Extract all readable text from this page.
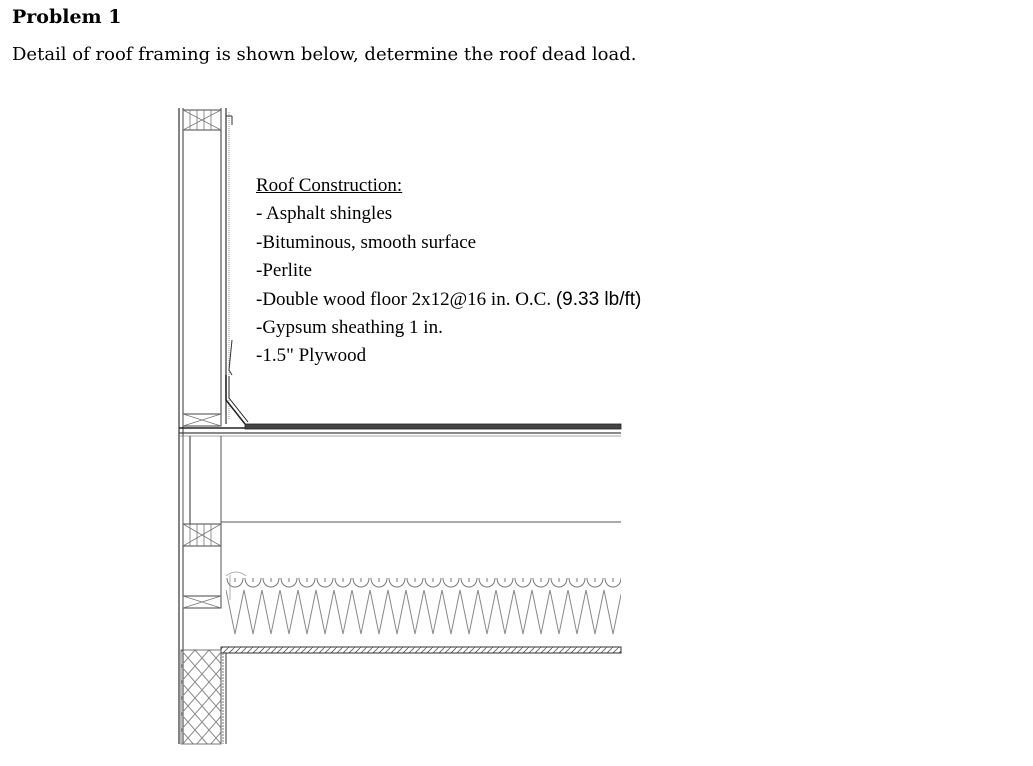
Problem 1

Detail of roof framing is shown below, determine the roof dead load.

Roof Construction:
- Asphalt shingles
-Bituminous, smooth surface
-Perlite
-Double wood floor 2x12@16 in. O.C. (9.33 lb/ft)
-Gypsum sheathing 1 in.
-1.5" Plywood
